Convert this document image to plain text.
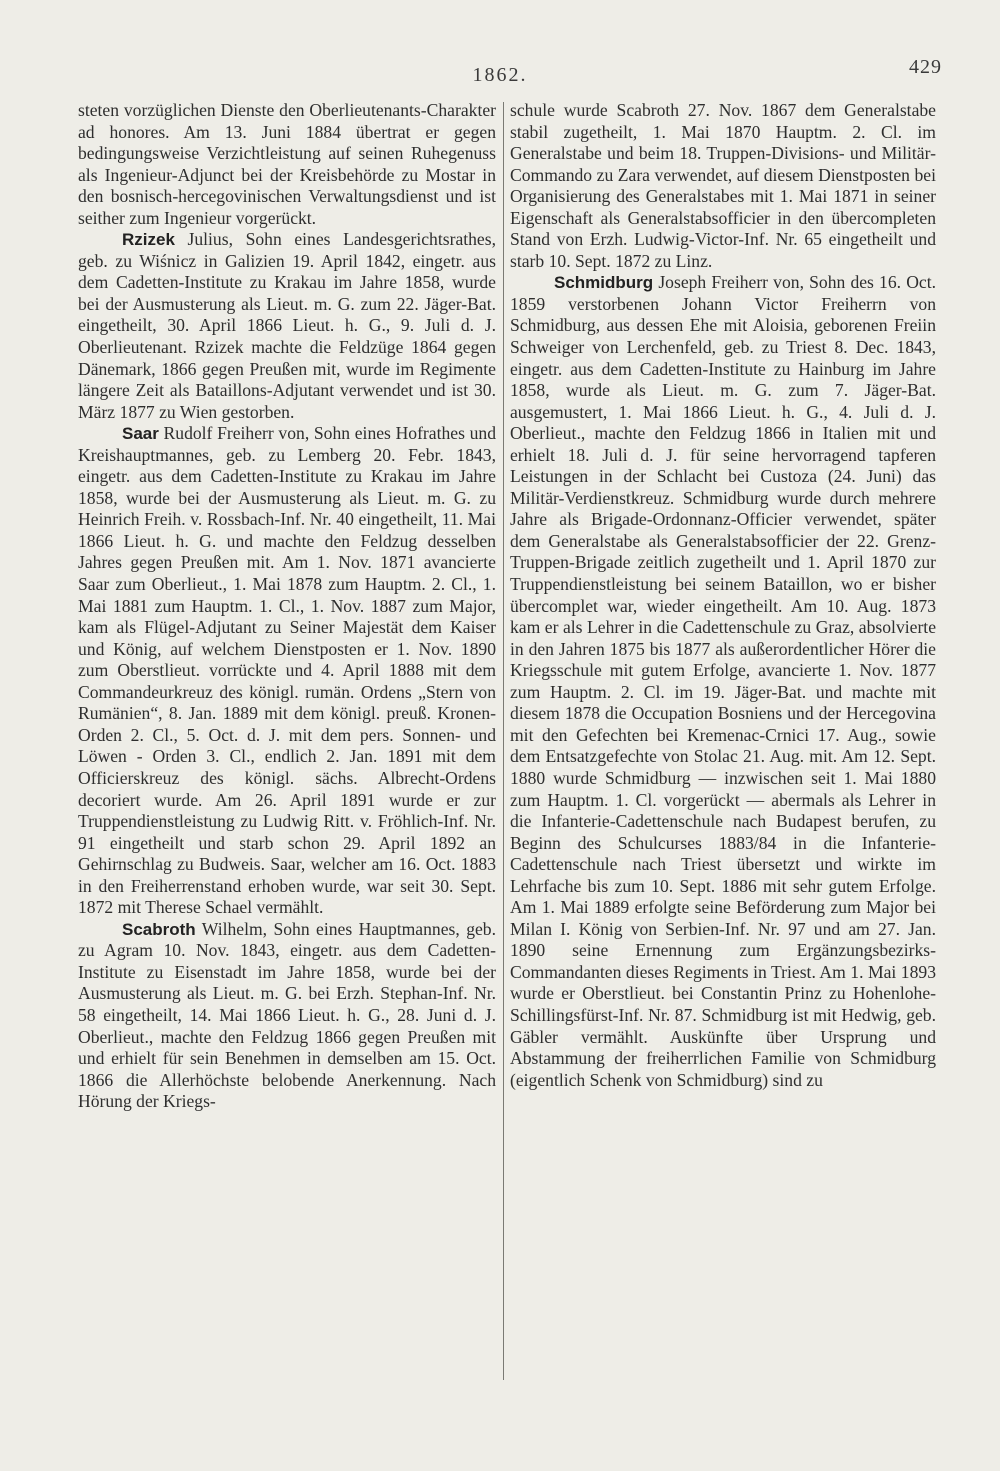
1862.	429

steten vorzüglichen Dienste den Oberlieutenants-Charakter ad honores. Am 13. Juni 1884 übertrat er gegen bedingungsweise Verzichtleistung auf seinen Ruhegenuss als Ingenieur-Adjunct bei der Kreisbehörde zu Mostar in den bosnisch-hercegovinischen Verwaltungsdienst und ist seither zum Ingenieur vorgerückt.

Rzizek Julius, Sohn eines Landesgerichtsrathes, geb. zu Wiśnicz in Galizien 19. April 1842, eingetr. aus dem Cadetten-Institute zu Krakau im Jahre 1858, wurde bei der Ausmusterung als Lieut. m. G. zum 22. Jäger-Bat. eingetheilt, 30. April 1866 Lieut. h. G., 9. Juli d. J. Oberlieutenant. Rzizek machte die Feldzüge 1864 gegen Dänemark, 1866 gegen Preußen mit, wurde im Regimente längere Zeit als Bataillons-Adjutant verwendet und ist 30. März 1877 zu Wien gestorben.

Saar Rudolf Freiherr von, Sohn eines Hofrathes und Kreishauptmannes, geb. zu Lemberg 20. Febr. 1843, eingetr. aus dem Cadetten-Institute zu Krakau im Jahre 1858, wurde bei der Ausmusterung als Lieut. m. G. zu Heinrich Freih. v. Rossbach-Inf. Nr. 40 eingetheilt, 11. Mai 1866 Lieut. h. G. und machte den Feldzug desselben Jahres gegen Preußen mit. Am 1. Nov. 1871 avancierte Saar zum Oberlieut., 1. Mai 1878 zum Hauptm. 2. Cl., 1. Mai 1881 zum Hauptm. 1. Cl., 1. Nov. 1887 zum Major, kam als Flügel-Adjutant zu Seiner Majestät dem Kaiser und König, auf welchem Dienstposten er 1. Nov. 1890 zum Oberstlieut. vorrückte und 4. April 1888 mit dem Commandeurkreuz des königl. rumän. Ordens „Stern von Rumänien“, 8. Jan. 1889 mit dem königl. preuß. Kronen-Orden 2. Cl., 5. Oct. d. J. mit dem pers. Sonnen- und Löwen - Orden 3. Cl., endlich 2. Jan. 1891 mit dem Officierskreuz des königl. sächs. Albrecht-Ordens decoriert wurde. Am 26. April 1891 wurde er zur Truppendienstleistung zu Ludwig Ritt. v. Fröhlich-Inf. Nr. 91 eingetheilt und starb schon 29. April 1892 an Gehirnschlag zu Budweis. Saar, welcher am 16. Oct. 1883 in den Freiherrenstand erhoben wurde, war seit 30. Sept. 1872 mit Therese Schael vermählt.

Scabroth Wilhelm, Sohn eines Hauptmannes, geb. zu Agram 10. Nov. 1843, eingetr. aus dem Cadetten-Institute zu Eisenstadt im Jahre 1858, wurde bei der Ausmusterung als Lieut. m. G. bei Erzh. Stephan-Inf. Nr. 58 eingetheilt, 14. Mai 1866 Lieut. h. G., 28. Juni d. J. Oberlieut., machte den Feldzug 1866 gegen Preußen mit und erhielt für sein Benehmen in demselben am 15. Oct. 1866 die Allerhöchste belobende Anerkennung. Nach Hörung der Kriegs-

schule wurde Scabroth 27. Nov. 1867 dem Generalstabe stabil zugetheilt, 1. Mai 1870 Hauptm. 2. Cl. im Generalstabe und beim 18. Truppen-Divisions- und Militär-Commando zu Zara verwendet, auf diesem Dienstposten bei Organisierung des Generalstabes mit 1. Mai 1871 in seiner Eigenschaft als Generalstabsofficier in den übercompleten Stand von Erzh. Ludwig-Victor-Inf. Nr. 65 eingetheilt und starb 10. Sept. 1872 zu Linz.

Schmidburg Joseph Freiherr von, Sohn des 16. Oct. 1859 verstorbenen Johann Victor Freiherrn von Schmidburg, aus dessen Ehe mit Aloisia, geborenen Freiin Schweiger von Lerchenfeld, geb. zu Triest 8. Dec. 1843, eingetr. aus dem Cadetten-Institute zu Hainburg im Jahre 1858, wurde als Lieut. m. G. zum 7. Jäger-Bat. ausgemustert, 1. Mai 1866 Lieut. h. G., 4. Juli d. J. Oberlieut., machte den Feldzug 1866 in Italien mit und erhielt 18. Juli d. J. für seine hervorragend tapferen Leistungen in der Schlacht bei Custoza (24. Juni) das Militär-Verdienstkreuz. Schmidburg wurde durch mehrere Jahre als Brigade-Ordonnanz-Officier verwendet, später dem Generalstabe als Generalstabsofficier der 22. Grenz-Truppen-Brigade zeitlich zugetheilt und 1. April 1870 zur Truppendienstleistung bei seinem Bataillon, wo er bisher übercomplet war, wieder eingetheilt. Am 10. Aug. 1873 kam er als Lehrer in die Cadettenschule zu Graz, absolvierte in den Jahren 1875 bis 1877 als außerordentlicher Hörer die Kriegsschule mit gutem Erfolge, avancierte 1. Nov. 1877 zum Hauptm. 2. Cl. im 19. Jäger-Bat. und machte mit diesem 1878 die Occupation Bosniens und der Hercegovina mit den Gefechten bei Kremenac-Crnici 17. Aug., sowie dem Entsatzgefechte von Stolac 21. Aug. mit. Am 12. Sept. 1880 wurde Schmidburg — inzwischen seit 1. Mai 1880 zum Hauptm. 1. Cl. vorgerückt — abermals als Lehrer in die Infanterie-Cadettenschule nach Budapest berufen, zu Beginn des Schulcurses 1883/84 in die Infanterie-Cadettenschule nach Triest übersetzt und wirkte im Lehrfache bis zum 10. Sept. 1886 mit sehr gutem Erfolge. Am 1. Mai 1889 erfolgte seine Beförderung zum Major bei Milan I. König von Serbien-Inf. Nr. 97 und am 27. Jan. 1890 seine Ernennung zum Ergänzungsbezirks-Commandanten dieses Regiments in Triest. Am 1. Mai 1893 wurde er Oberstlieut. bei Constantin Prinz zu Hohenlohe-Schillingsfürst-Inf. Nr. 87. Schmidburg ist mit Hedwig, geb. Gäbler vermählt. Auskünfte über Ursprung und Abstammung der freiherrlichen Familie von Schmidburg (eigentlich Schenk von Schmidburg) sind zu
